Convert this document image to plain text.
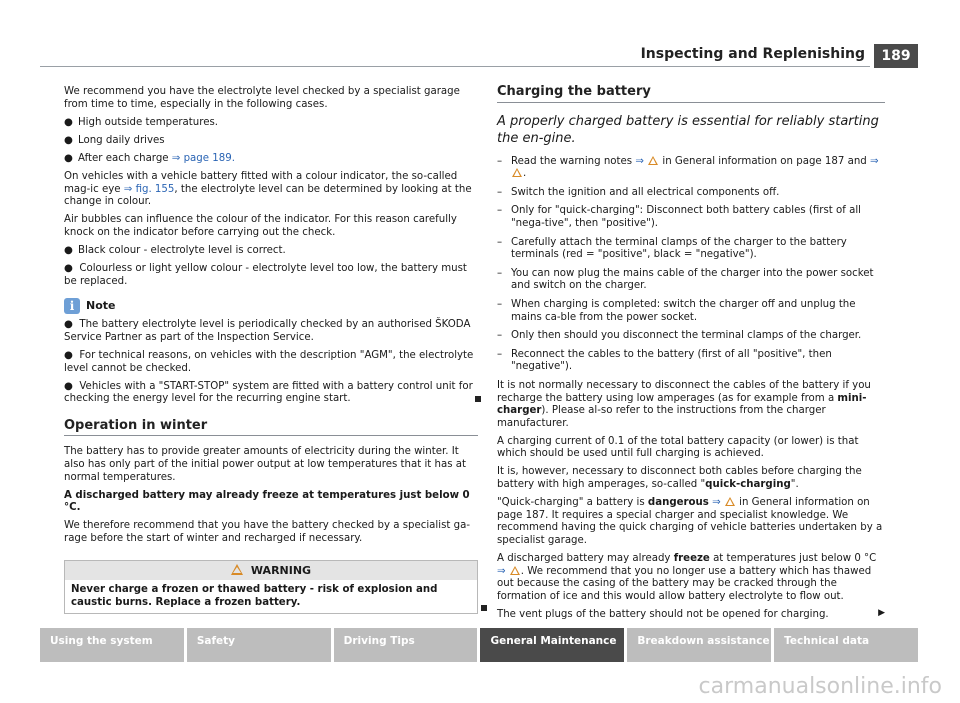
Inspecting and Replenishing	189

We recommend you have the electrolyte level checked by a specialist garage from time to time, especially in the following cases.

● High outside temperatures.
● Long daily drives
● After each charge ⇒ page 189.

On vehicles with a vehicle battery fitted with a colour indicator, the so-called mag-ic eye ⇒ fig. 155, the electrolyte level can be determined by looking at the change in colour.

Air bubbles can influence the colour of the indicator. For this reason carefully knock on the indicator before carrying out the check.

● Black colour - electrolyte level is correct.
●  Colourless or light yellow colour - electrolyte level too low, the battery must be replaced.
i	Note
●  The battery electrolyte level is periodically checked by an authorised ŠKODA Service Partner as part of the Inspection Service.
●  For technical reasons, on vehicles with the description "AGM", the electrolyte level cannot be checked.
●  Vehicles with a "START-STOP" system are fitted with a battery control unit for checking the energy level for the recurring engine start.
Operation in winter

The battery has to provide greater amounts of electricity during the winter. It also has only part of the initial power output at low temperatures that it has at normal temperatures.

A discharged battery may already freeze at temperatures just below 0 °C.

We therefore recommend that you have the battery checked by a specialist ga-rage before the start of winter and recharged if necessary.

WARNING
Never charge a frozen or thawed battery - risk of explosion and caustic burns. Replace a frozen battery.
Charging the battery
A properly charged battery is essential for reliably starting the en-gine.
– Read the warning notes ⇒  in General information on page 187 and ⇒ .
– Switch the ignition and all electrical components off.
– Only for "quick-charging": Disconnect both battery cables (first of all "nega-tive", then "positive").
– Carefully attach the terminal clamps of the charger to the battery terminals (red = "positive", black = "negative").
– You can now plug the mains cable of the charger into the power socket and switch on the charger.
– When charging is completed: switch the charger off and unplug the mains ca-ble from the power socket.
– Only then should you disconnect the terminal clamps of the charger.
– Reconnect the cables to the battery (first of all "positive", then "negative").

It is not normally necessary to disconnect the cables of the battery if you recharge the battery using low amperages (as for example from a mini-charger). Please al-so refer to the instructions from the charger manufacturer.

A charging current of 0.1 of the total battery capacity (or lower) is that which should be used until full charging is achieved.

It is, however, necessary to disconnect both cables before charging the battery with high amperages, so-called "quick-charging".

"Quick-charging" a battery is dangerous ⇒  in General information on page 187. It requires a special charger and specialist knowledge. We recommend having the quick charging of vehicle batteries undertaken by a specialist garage.

A discharged battery may already freeze at temperatures just below 0 °C ⇒ . We recommend that you no longer use a battery which has thawed out because the casing of the battery may be cracked through the formation of ice and this would allow battery electrolyte to flow out.

The vent plugs of the battery should not be opened for charging.	▶

Using the system	Safety	Driving Tips	General Maintenance	Breakdown assistance	Technical data
carmanualsonline.info
